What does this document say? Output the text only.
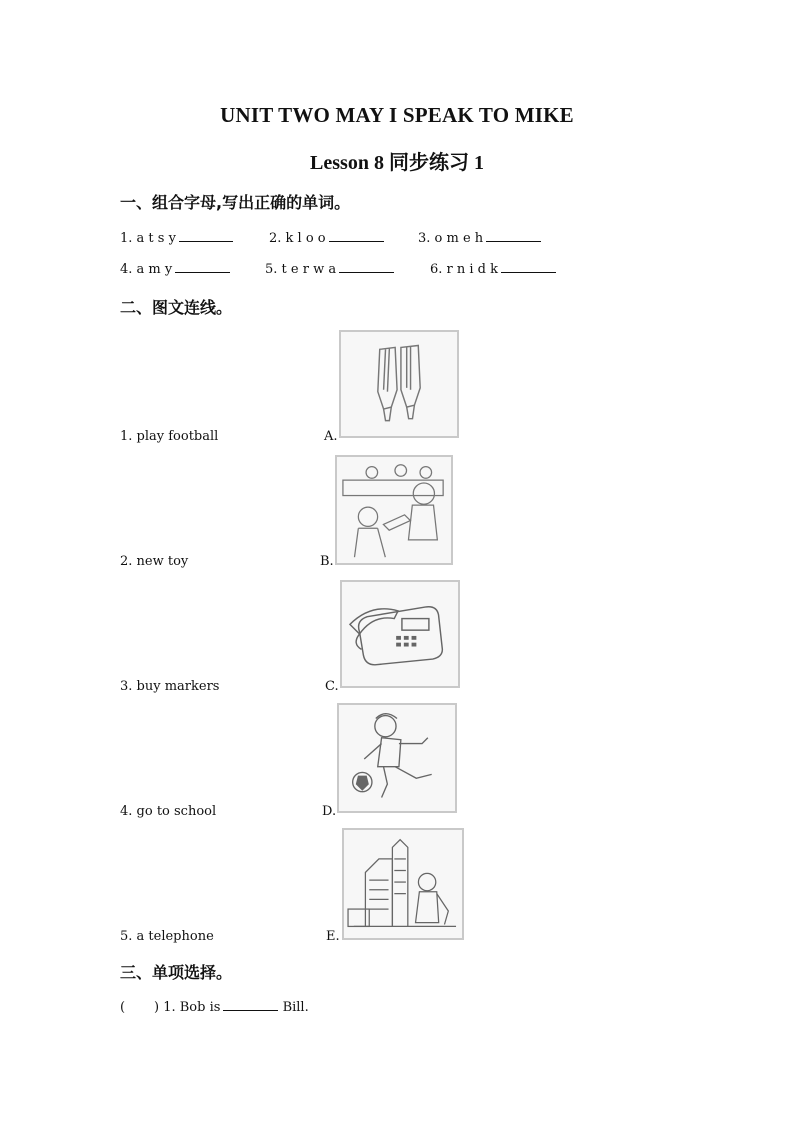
UNIT TWO MAY I SPEAK TO MIKE
Lesson 8 同步练习 1
一、组合字母,写出正确的单词。
1. a t s y	2. k l o o	3. o m e h
4. a m y	5. t e r w a	6. r n i d k
二、图文连线。
1. play football
2. new toy
3. buy markers
4. go to school
5. a telephone
A.
B.
C.
D.
E.
三、单项选择。
(       ) 1. Bob is	Bill.
